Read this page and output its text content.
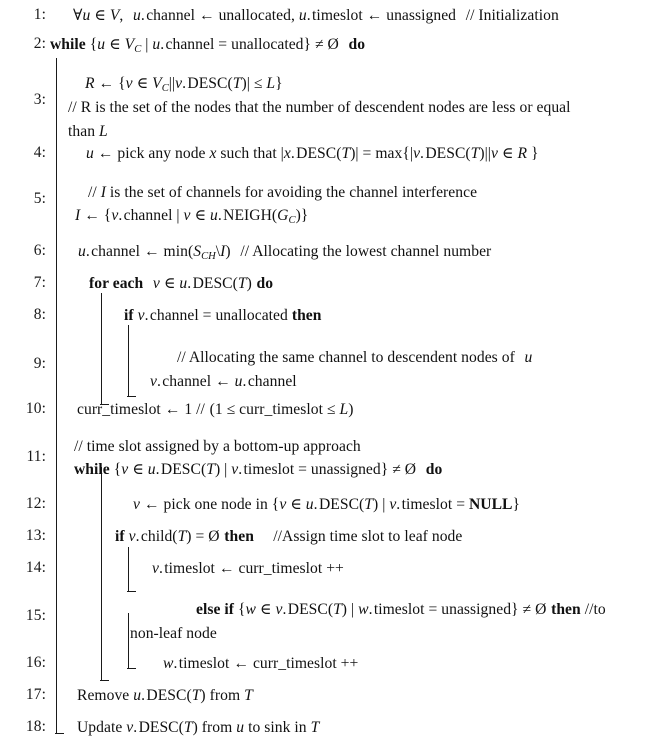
1:
2:
3:
4:
5:
6:
7:
8:
9:
10:
11:
12:
13:
14:
15:
16:
17:
18:
∀u ∈ V, u. channel ← unallocated, u. timeslot ← unassigned // Initialization
while {u ∈ $V_C$ | u. channel = unallocated} ≠ Ø do
R ← {v ∈ $V_C||v$. DESC(T)| ≤ L}
// R is the set of the nodes that the number of descendent nodes are less or equal
than L
u ← pick any node x such that |x. DESC(T)| = max{|v. DESC(T)||v ∈ R }
// I is the set of channels for avoiding the channel interference
I ← {v. channel | v ∈ u. $NEIGH(G_C)$}
u. channel ← $\min(S_{CH}\backslash I)$ // Allocating the lowest channel number
for each v ∈ u. DESC(T) do
if v. channel = unallocated then
// Allocating the same channel to descendent nodes of u
v. channel ← u. channel
curr_timeslot ← 1 // (1 ≤ curr_timeslot ≤ L)
// time slot assigned by a bottom-up approach
while {v ∈ u. DESC(T) | v. timeslot = unassigned} ≠ Ø do
v ← pick one node in {v ∈ u. DESC(T) | v. timeslot = NULL}
if v. child(T) = Ø then //Assign time slot to leaf node
v. timeslot ← curr_timeslot ++
else if {w ∈ v. DESC(T) | w. timeslot = unassigned} ≠ Ø then //to
non-leaf node
w. timeslot ← curr_timeslot ++
Remove u. DESC(T) from T
Update v. DESC(T) from u to sink in T
